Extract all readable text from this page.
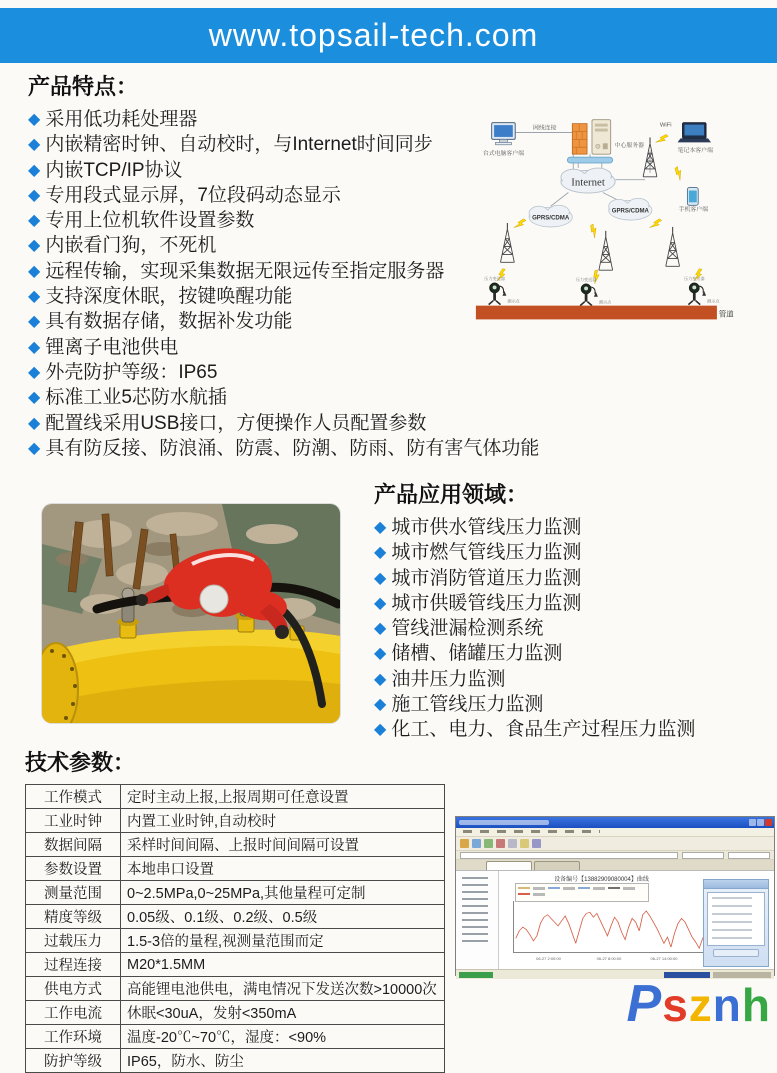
www.topsail-tech.com
产品特点：
◆ 采用低功耗处理器
◆ 内嵌精密时钟、自动校时，与Internet时间同步
◆ 内嵌TCP/IP协议
◆ 专用段式显示屏，7位段码动态显示
◆ 专用上位机软件设置参数
◆ 内嵌看门狗，不死机
◆ 远程传输，实现采集数据无限远传至指定服务器
◆ 支持深度休眠，按键唤醒功能
◆ 具有数据存储，数据补发功能
◆ 锂离子电池供电
◆ 外壳防护等级：IP65
◆ 标准工业5芯防水航插
◆ 配置线采用USB接口，方便操作人员配置参数
◆ 具有防反接、防浪涌、防震、防潮、防雨、防有害气体功能
台式电脑客户端
网线连接
中心服务器
Internet
WiFi
笔记本客户端
手机客户端
GPRS/CDMA
GPRS/CDMA
压力变送器	压力变送器	压力变送器
测示点	测示点	测示点
管道
产品应用领域：
◆ 城市供水管线压力监测
◆ 城市燃气管线压力监测
◆ 城市消防管道压力监测
◆ 城市供暖管线压力监测
◆ 管线泄漏检测系统
◆ 储槽、储罐压力监测
◆ 油井压力监测
◆ 施工管线压力监测
◆ 化工、电力、食品生产过程压力监测
技术参数：
工作模式	定时主动上报,上报周期可任意设置
工业时钟	内置工业时钟,自动校时
数据间隔	采样时间间隔、上报时间间隔可设置
参数设置	本地串口设置
测量范围	0~2.5MPa,0~25MPa,其他量程可定制
精度等级	0.05级、0.1级、0.2级、0.5级
过载压力	1.5-3倍的量程,视测量范围而定
过程连接	M20*1.5MM
供电方式	高能锂电池供电，满电情况下发送次数>10000次
工作电流	休眠<30uA，发射<350mA
工作环境	温度-20℃~70℃，湿度：<90%
防护等级	IP65，防水、防尘
设备编号【13882909080004】曲线
06-27 2:00:00	06-27 8:00:00	06-27 14:00:00
Psznh
